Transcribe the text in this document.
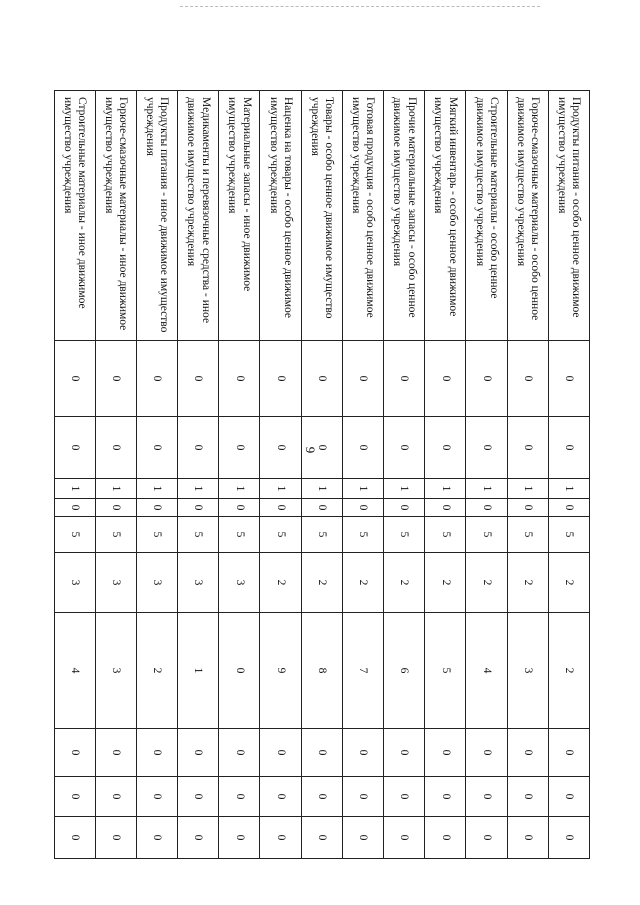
9
Продукты питания - особо ценное движимое имущество учреждения	0	0	1	0	5	2	2	0	0	0
Горюче-смазочные материалы - особо ценное движимое имущество учреждения	0	0	1	0	5	2	3	0	0	0
Строительные материалы - особо ценное движимое имущество учреждения	0	0	1	0	5	2	4	0	0	0
Мягкий инвентарь - особо ценное движимое имущество учреждения	0	0	1	0	5	2	5	0	0	0
Прочие материальные запасы - особо ценное движимое имущество учреждения	0	0	1	0	5	2	6	0	0	0
Готовая продукция - особо ценное движимое имущество учреждения	0	0	1	0	5	2	7	0	0	0
Товары - особо ценное движимое имущество учреждения	0	0	1	0	5	2	8	0	0	0
Наценка на товары - особо ценное движимое имущество учреждения	0	0	1	0	5	2	9	0	0	0
Материальные запасы - иное движимое имущество учреждения	0	0	1	0	5	3	0	0	0	0
Медикаменты и перевязочные средства - иное движимое имущество учреждения	0	0	1	0	5	3	1	0	0	0
Продукты питания - иное движимое имущество учреждения	0	0	1	0	5	3	2	0	0	0
Горюче-смазочные материалы - иное движимое имущество учреждения	0	0	1	0	5	3	3	0	0	0
Строительные материалы - иное движимое имущество учреждения	0	0	1	0	5	3	4	0	0	0
